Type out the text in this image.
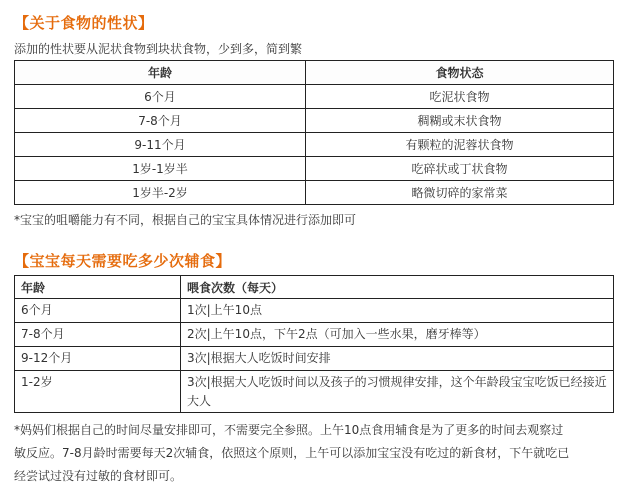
【关于食物的性状】
添加的性状要从泥状食物到块状食物，少到多，简到繁
年龄	食物状态
6个月	吃泥状食物
7-8个月	稠糊或末状食物
9-11个月	有颗粒的泥蓉状食物
1岁-1岁半	吃碎状或丁状食物
1岁半-2岁	略微切碎的家常菜
*宝宝的咀嚼能力有不同，根据自己的宝宝具体情况进行添加即可
【宝宝每天需要吃多少次辅食】
年龄	喂食次数（每天）
6个月	1次|上午10点
7-8个月	2次|上午10点，下午2点（可加入一些水果，磨牙棒等）
9-12个月	3次|根据大人吃饭时间安排
1-2岁	3次|根据大人吃饭时间以及孩子的习惯规律安排，这个年龄段宝宝吃饭已经接近大人
*妈妈们根据自己的时间尽量安排即可，不需要完全参照。上午10点食用辅食是为了更多的时间去观察过
敏反应。7-8月龄时需要每天2次辅食，依照这个原则，上午可以添加宝宝没有吃过的新食材，下午就吃已
经尝试过没有过敏的食材即可。
